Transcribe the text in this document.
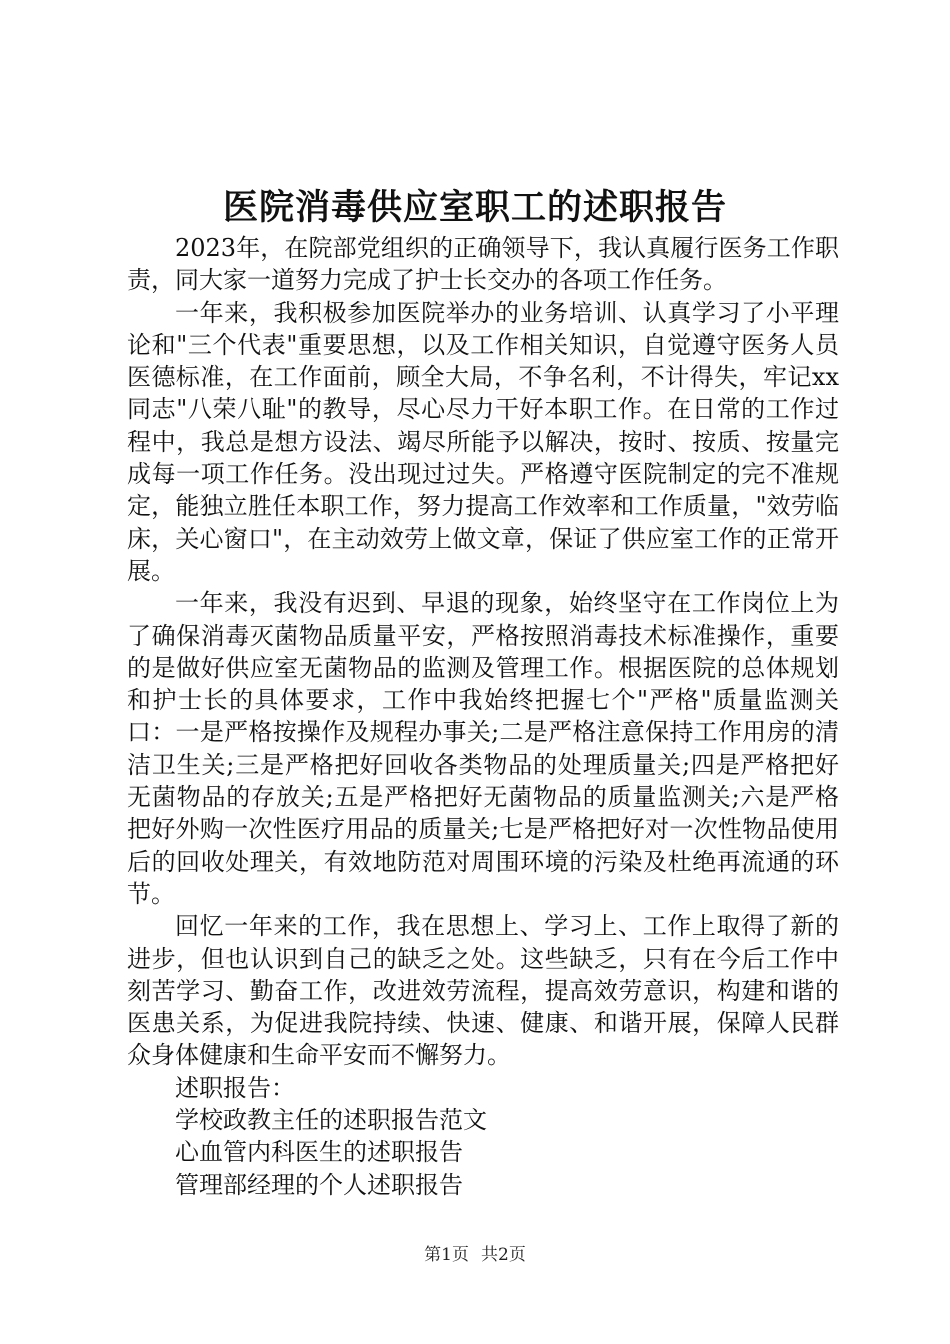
医院消毒供应室职工的述职报告

2023年，在院部党组织的正确领导下，我认真履行医务工作职责，同大家一道努力完成了护士长交办的各项工作任务。

一年来，我积极参加医院举办的业务培训、认真学习了小平理论和"三个代表"重要思想，以及工作相关知识，自觉遵守医务人员医德标准，在工作面前，顾全大局，不争名利，不计得失，牢记xx同志"八荣八耻"的教导，尽心尽力干好本职工作。在日常的工作过程中，我总是想方设法、竭尽所能予以解决，按时、按质、按量完成每一项工作任务。没出现过过失。严格遵守医院制定的完不准规定，能独立胜任本职工作，努力提高工作效率和工作质量，"效劳临床，关心窗口"，在主动效劳上做文章，保证了供应室工作的正常开展。

一年来，我没有迟到、早退的现象，始终坚守在工作岗位上为了确保消毒灭菌物品质量平安，严格按照消毒技术标准操作，重要的是做好供应室无菌物品的监测及管理工作。根据医院的总体规划和护士长的具体要求，工作中我始终把握七个"严格"质量监测关口：一是严格按操作及规程办事关;二是严格注意保持工作用房的清洁卫生关;三是严格把好回收各类物品的处理质量关;四是严格把好无菌物品的存放关;五是严格把好无菌物品的质量监测关;六是严格把好外购一次性医疗用品的质量关;七是严格把好对一次性物品使用后的回收处理关，有效地防范对周围环境的污染及杜绝再流通的环节。

回忆一年来的工作，我在思想上、学习上、工作上取得了新的进步，但也认识到自己的缺乏之处。这些缺乏，只有在今后工作中刻苦学习、勤奋工作，改进效劳流程，提高效劳意识，构建和谐的医患关系，为促进我院持续、快速、健康、和谐开展，保障人民群众身体健康和生命平安而不懈努力。

述职报告：

学校政教主任的述职报告范文

心血管内科医生的述职报告

管理部经理的个人述职报告

第1页 共2页
